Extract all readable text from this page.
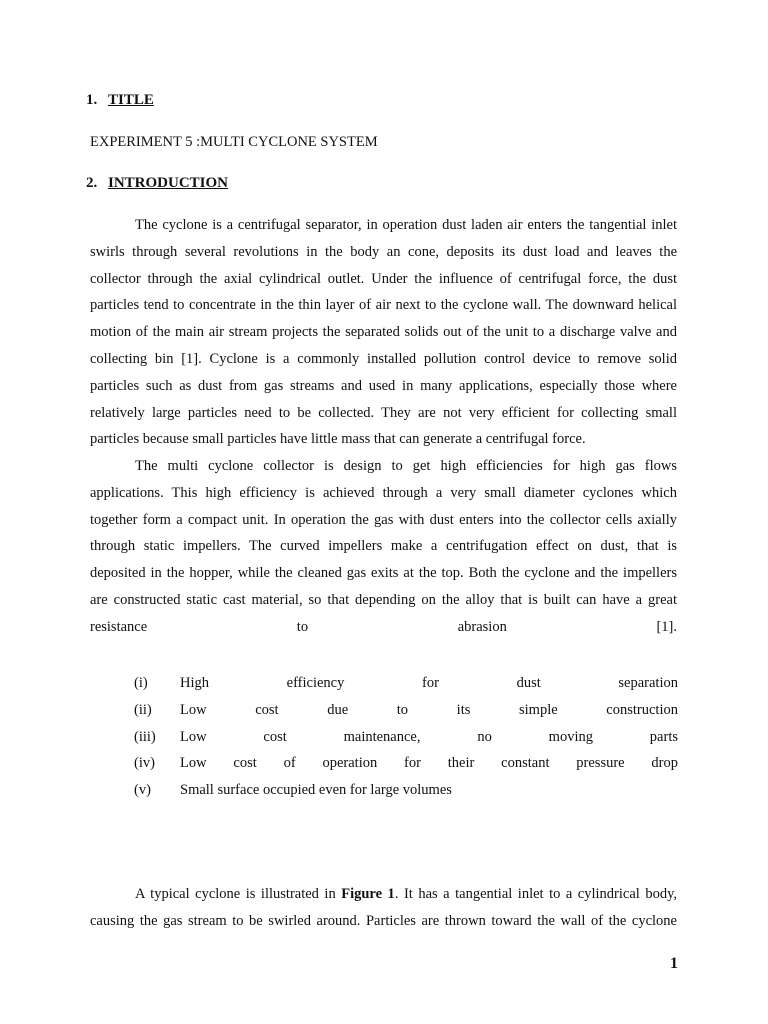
1. TITLE
EXPERIMENT 5 :MULTI CYCLONE SYSTEM
2. INTRODUCTION
The cyclone is a centrifugal separator, in operation dust laden air enters the tangential inlet
swirls through several revolutions in the body an cone, deposits its dust load and leaves the
collector through the axial cylindrical outlet. Under the influence of centrifugal force, the dust
particles tend to concentrate in the thin layer of air next to the cyclone wall. The downward helical
motion of the main air stream projects the separated solids out of the unit to a discharge valve and
collecting bin [1]. Cyclone is a commonly installed pollution control device to remove solid
particles such as dust from gas streams and used in many applications, especially those where
relatively large particles need to be collected. They are not very efficient for collecting small
particles because small particles have little mass that can generate a centrifugal force.
The multi cyclone collector is design to get high efficiencies for high gas flows
applications. This high efficiency is achieved through a very small diameter cyclones which
together form a compact unit. In operation the gas with dust enters into the collector cells axially
through static impellers. The curved impellers make a centrifugation effect on dust, that is
deposited in the hopper, while the cleaned gas exits at the top. Both the cyclone and the impellers
are constructed static cast material, so that depending on the alloy that is built can have a great
resistance to abrasion [1].
(i)	High efficiency for dust separation
(ii)	Low cost due to its simple construction
(iii)	Low cost maintenance, no moving parts
(iv)	Low cost of operation for their constant pressure drop
(v)	Small surface occupied even for large volumes
A typical cyclone is illustrated in Figure 1. It has a tangential inlet to a cylindrical body,
causing the gas stream to be swirled around. Particles are thrown toward the wall of the cyclone
1
